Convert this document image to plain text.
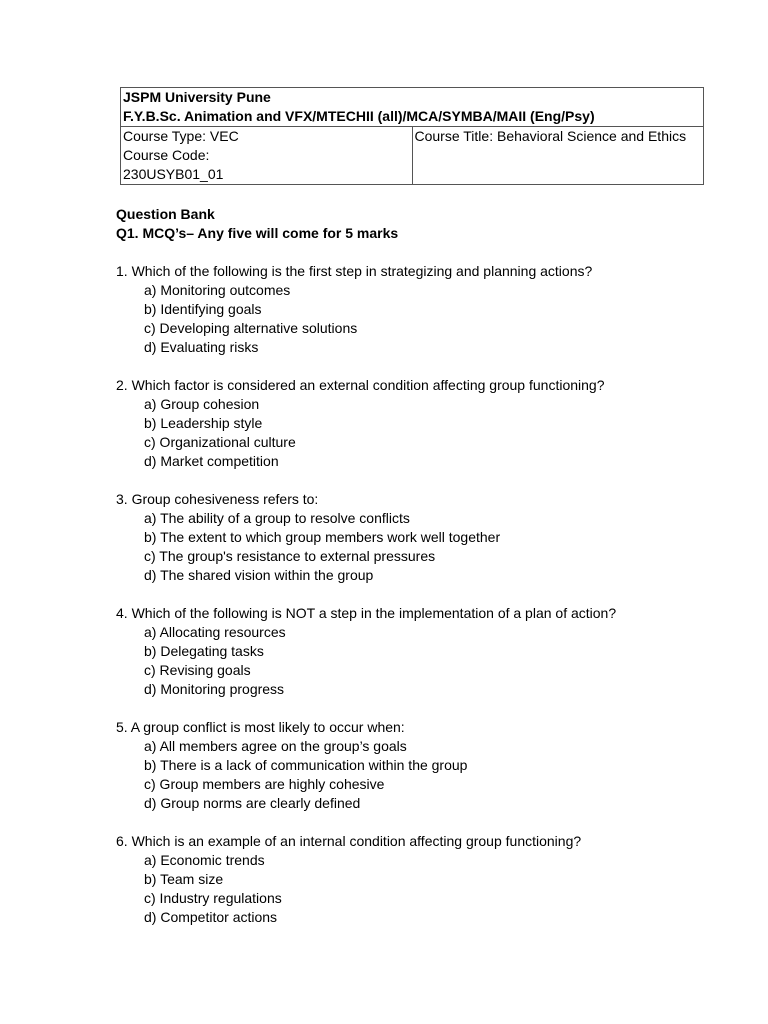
JSPM University Pune
F.Y.B.Sc. Animation and VFX/MTECHII (all)/MCA/SYMBA/MAII (Eng/Psy)

Course Type: VEC
Course Code:
230USYB01_01

Course Title: Behavioral Science and Ethics
Question Bank
Q1. MCQ’s– Any five will come for 5 marks
1. Which of the following is the first step in strategizing and planning actions?
a) Monitoring outcomes
b) Identifying goals
c) Developing alternative solutions
d) Evaluating risks
2. Which factor is considered an external condition affecting group functioning?
a) Group cohesion
b) Leadership style
c) Organizational culture
d) Market competition
3. Group cohesiveness refers to:
a) The ability of a group to resolve conflicts
b) The extent to which group members work well together
c) The group's resistance to external pressures
d) The shared vision within the group
4. Which of the following is NOT a step in the implementation of a plan of action?
a) Allocating resources
b) Delegating tasks
c) Revising goals
d) Monitoring progress
5. A group conflict is most likely to occur when:
a) All members agree on the group’s goals
b) There is a lack of communication within the group
c) Group members are highly cohesive
d) Group norms are clearly defined
6. Which is an example of an internal condition affecting group functioning?
a) Economic trends
b) Team size
c) Industry regulations
d) Competitor actions
